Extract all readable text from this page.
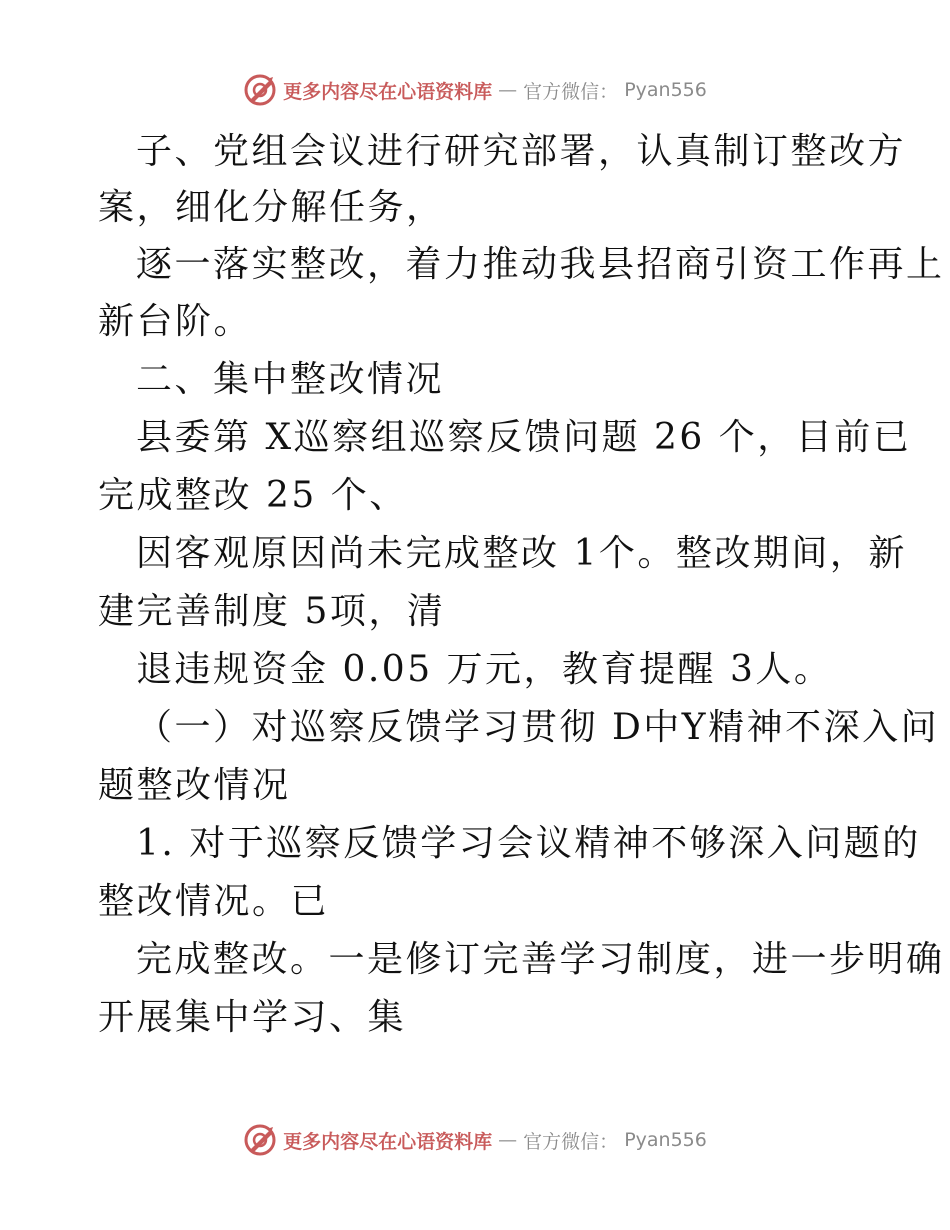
更多内容尽在心语资料库 — 官方微信： Pyan556
子、党组会议进行研究部署，认真制订整改方
案，细化分解任务，
逐一落实整改，着力推动我县招商引资工作再上
新台阶。
二、集中整改情况
县委第 X巡察组巡察反馈问题 26 个，目前已
完成整改 25 个、
因客观原因尚未完成整改 1个。整改期间，新
建完善制度 5项，清
退违规资金 0.05 万元，教育提醒 3人。
（一）对巡察反馈学习贯彻 D中Y精神不深入问
题整改情况
1. 对于巡察反馈学习会议精神不够深入问题的
整改情况。已
完成整改。一是修订完善学习制度，进一步明确
开展集中学习、集
更多内容尽在心语资料库 — 官方微信： Pyan556
